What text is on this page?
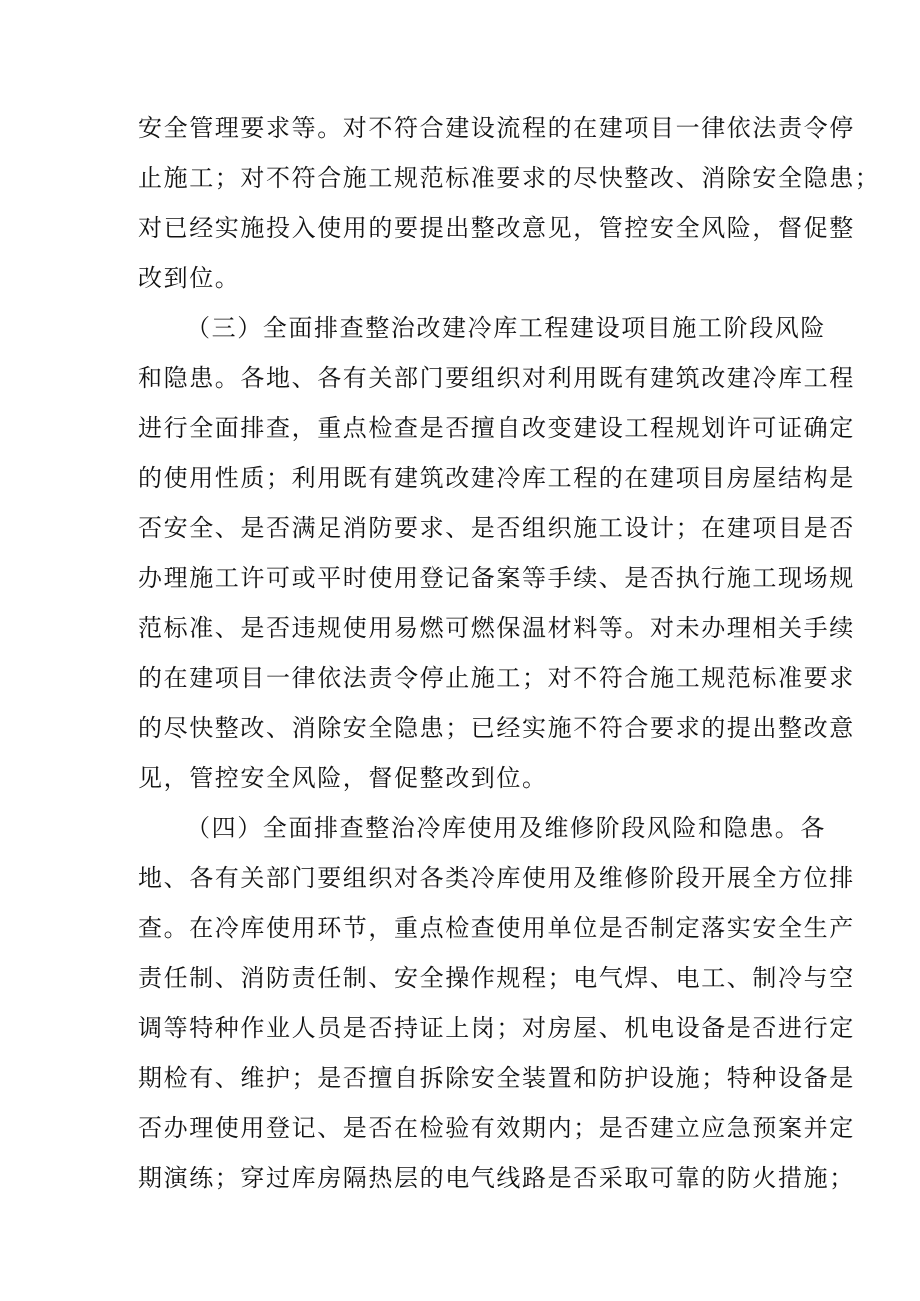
安全管理要求等。对不符合建设流程的在建项目一律依法责令停
止施工；对不符合施工规范标准要求的尽快整改、消除安全隐患；
对已经实施投入使用的要提出整改意见，管控安全风险，督促整
改到位。
（三）全面排查整治改建冷库工程建设项目施工阶段风险
和隐患。各地、各有关部门要组织对利用既有建筑改建冷库工程
进行全面排查，重点检查是否擅自改变建设工程规划许可证确定
的使用性质；利用既有建筑改建冷库工程的在建项目房屋结构是
否安全、是否满足消防要求、是否组织施工设计；在建项目是否
办理施工许可或平时使用登记备案等手续、是否执行施工现场规
范标准、是否违规使用易燃可燃保温材料等。对未办理相关手续
的在建项目一律依法责令停止施工；对不符合施工规范标准要求
的尽快整改、消除安全隐患；已经实施不符合要求的提出整改意
见，管控安全风险，督促整改到位。
（四）全面排查整治冷库使用及维修阶段风险和隐患。各
地、各有关部门要组织对各类冷库使用及维修阶段开展全方位排
查。在冷库使用环节，重点检查使用单位是否制定落实安全生产
责任制、消防责任制、安全操作规程；电气焊、电工、制冷与空
调等特种作业人员是否持证上岗；对房屋、机电设备是否进行定
期检有、维护；是否擅自拆除安全装置和防护设施；特种设备是
否办理使用登记、是否在检验有效期内；是否建立应急预案并定
期演练；穿过库房隔热层的电气线路是否采取可靠的防火措施；
